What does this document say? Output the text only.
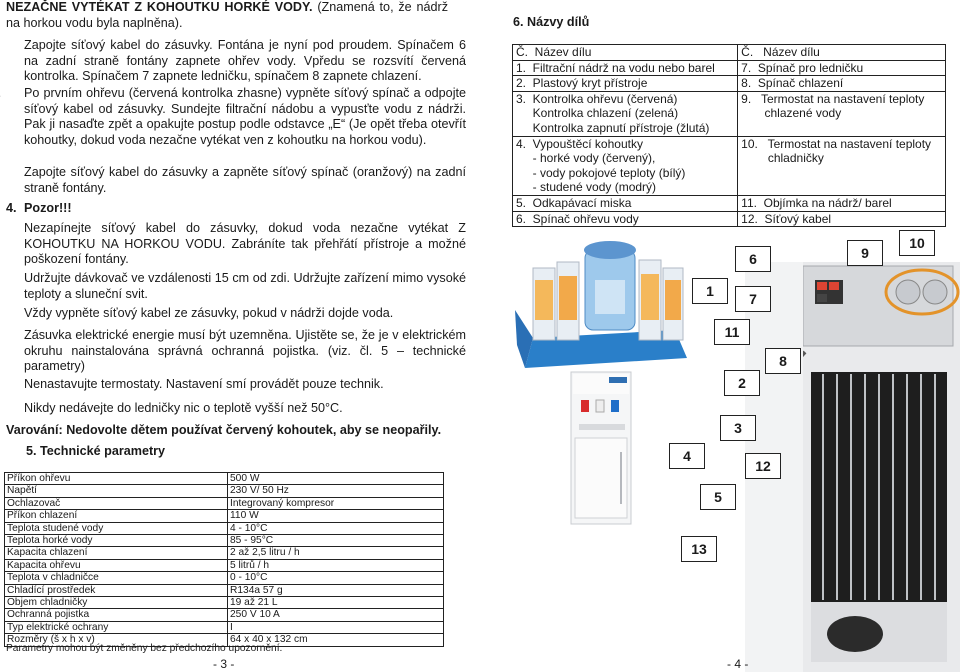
NEZAČNE VYTÉKAT Z KOHOUTKU HORKÉ VODY. (Znamená to, že nádrž na horkou vodu byla naplněna).
Zapojte síťový kabel do zásuvky. Fontána je nyní pod proudem. Spínačem 6 na zadní straně fontány zapnete ohřev vody. Vpředu se rozsvítí červená kontrolka. Spínačem 7 zapnete ledničku, spínačem 8 zapnete chlazení.
Po prvním ohřevu (červená kontrolka zhasne) vypněte síťový spínač a odpojte síťový kabel od zásuvky. Sundejte filtrační nádobu a vypusťte vodu z nádrži. Pak ji nasaďte zpět a opakujte postup podle odstavce „E“ (Je opět třeba otevřít kohoutky, dokud voda nezačne vytékat ven z kohoutku na horkou vodu).
Zapojte síťový kabel do zásuvky a zapněte síťový spínač (oranžový) na zadní straně fontány.
4. Pozor!!!
Nezapínejte síťový kabel do zásuvky, dokud voda nezačne vytékat Z KOHOUTKU NA HORKOU VODU. Zabráníte tak přehřátí přístroje a možné poškození fontány.
Udržujte dávkovač ve vzdálenosti 15 cm od zdi. Udržujte zařízení mimo vysoké teploty a sluneční svit.
Vždy vypněte síťový kabel ze zásuvky, pokud v nádrži dojde voda.
Zásuvka elektrické energie musí být uzemněna. Ujistěte se, že je v elektrickém okruhu nainstalována správná ochranná pojistka. (viz. čl. 5 – technické parametry)
Nenastavujte termostaty. Nastavení smí provádět pouze technik.
Nikdy nedávejte do ledničky nic o teplotě vyšší než 50°C.
Varování: Nedovolte dětem používat červený kohoutek, aby se neopařily.
5. Technické parametry
Příkon ohřevu	500 W
Napětí	230 V/ 50 Hz
Ochlazovač	Integrovaný kompresor
Příkon chlazení	110 W
Teplota studené vody	4 - 10°C
Teplota horké vody	85 - 95°C
Kapacita chlazení	2 až 2,5 litru / h
Kapacita ohřevu	5 litrů / h
Teplota v chladničce	0 - 10°C
Chladící prostředek	R134a 57 g
Objem chladničky	19 až 21 L
Ochranná pojistka	250 V 10 A
Typ elektrické ochrany	I
Rozměry (š x h x v)	64 x 40 x 132 cm
Parametry mohou být změněny bez předchozího upozornění.
- 3 -
6. Názvy dílů
Č.  Název dílu	Č.   Název dílu
1.  Filtrační nádrž na vodu nebo barel	7.  Spínač pro ledničku
2.  Plastový kryt přístroje	8.  Spínač chlazení
3.  Kontrolka ohřevu (červená)
Kontrolka chlazení (zelená)
Kontrolka zapnutí přístroje (žlutá)	9.   Termostat na nastavení teploty
chlazené vody
4.  Vypouštěcí kohoutky
- horké vody (červený),
- vody pokojové teploty (bílý)
- studené vody (modrý)	10.   Termostat na nastavení teploty
chladničky
5.  Odkapávací miska	11.  Objímka na nádrž/ barel
6.  Spínač ohřevu vody	12.  Síťový kabel
1
2
3
4
5
6
7
8
9
10
11
12
13
- 4 -
